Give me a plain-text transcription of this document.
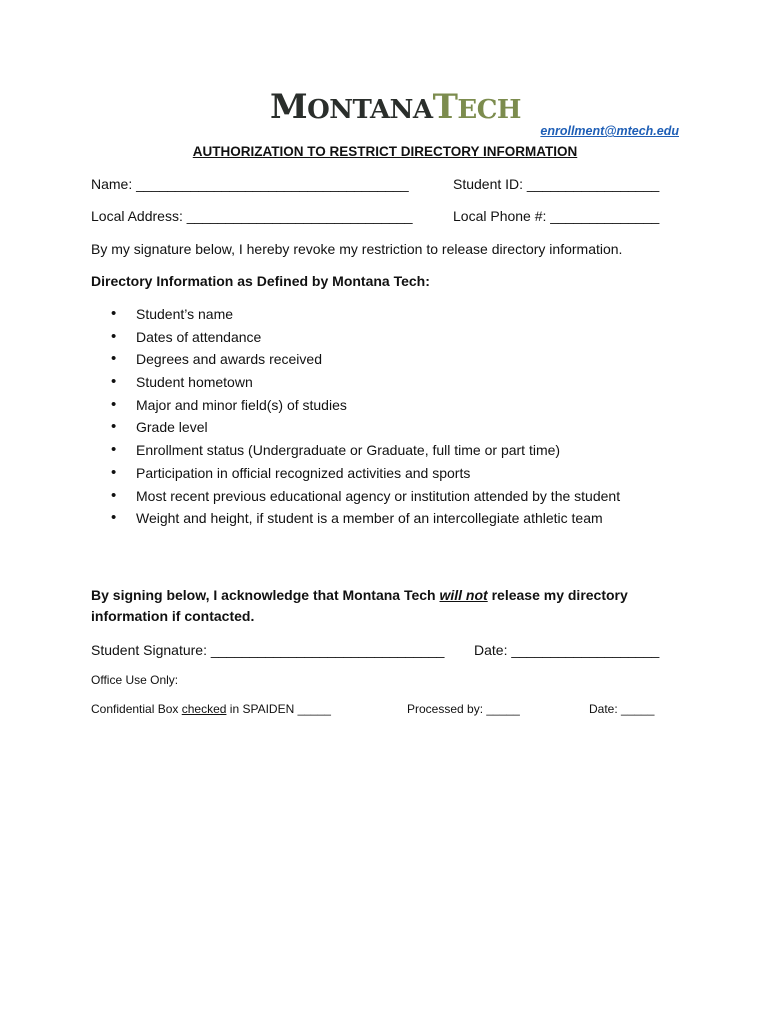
MONTANATECH
enrollment@mtech.edu
AUTHORIZATION TO RESTRICT DIRECTORY INFORMATION
Name: ___________________________________	Student ID: _________________
Local Address: _____________________________	Local Phone #: ______________
By my signature below, I hereby revoke my restriction to release directory information.
Directory Information as Defined by Montana Tech:
• Student’s name
• Dates of attendance
• Degrees and awards received
• Student hometown
• Major and minor field(s) of studies
• Grade level
• Enrollment status (Undergraduate or Graduate, full time or part time)
• Participation in official recognized activities and sports
• Most recent previous educational agency or institution attended by the student
• Weight and height, if student is a member of an intercollegiate athletic team
By signing below, I acknowledge that Montana Tech will not release my directory information if contacted.
Student Signature: ______________________________ Date: ___________________
Office Use Only:
Confidential Box checked in SPAIDEN _____	Processed by: _____	Date: _____
